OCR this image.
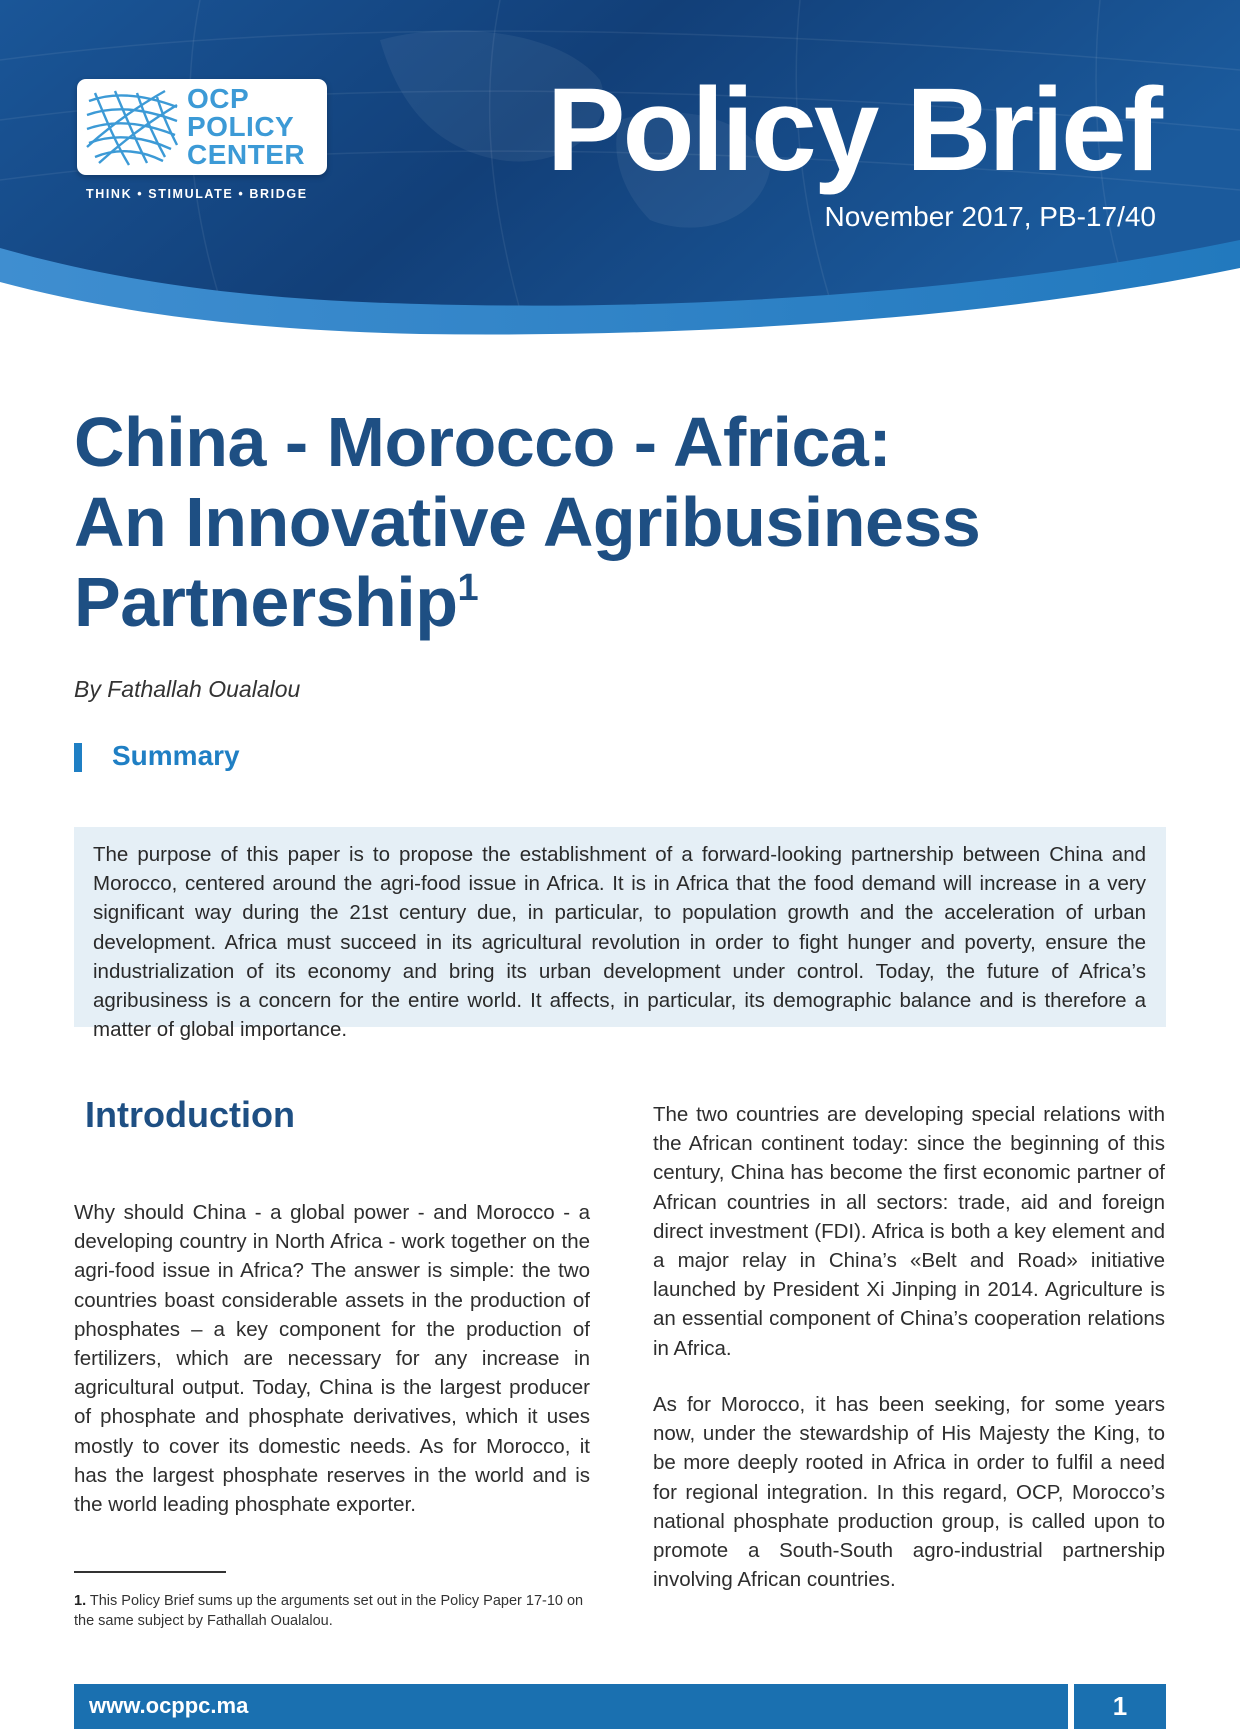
OCP
POLICY
CENTER
THINK • STIMULATE • BRIDGE Policy Brief
November 2017, PB-17/40
China - Morocco - Africa:
An Innovative Agribusiness
Partnership$^1$
By Fathallah Oualalou
Summary
The purpose of this paper is to propose the establishment of a forward-looking partnership between China and Morocco, centered around the agri-food issue in Africa. It is in Africa that the food demand will increase in a very significant way during the 21st century due, in particular, to population growth and the acceleration of urban development. Africa must succeed in its agricultural revolution in order to fight hunger and poverty, ensure the industrialization of its economy and bring its urban development under control. Today, the future of Africa’s agribusiness is a concern for the entire world. It affects, in particular, its demographic balance and is therefore a matter of global importance.
Introduction

Why should China - a global power - and Morocco - a developing country in North Africa - work together on the agri-food issue in Africa? The answer is simple: the two countries boast considerable assets in the production of phosphates – a key component for the production of fertilizers, which are necessary for any increase in agricultural output. Today, China is the largest producer of phosphate and phosphate derivatives, which it uses mostly to cover its domestic needs. As for Morocco, it has the largest phosphate reserves in the world and is the world leading phosphate exporter.

The two countries are developing special relations with the African continent today: since the beginning of this century, China has become the first economic partner of African countries in all sectors: trade, aid and foreign direct investment (FDI). Africa is both a key element and a major relay in China’s «Belt and Road» initiative launched by President Xi Jinping in 2014. Agriculture is an essential component of China’s cooperation relations in Africa.

As for Morocco, it has been seeking, for some years now, under the stewardship of His Majesty the King, to be more deeply rooted in Africa in order to fulfil a need for regional integration. In this regard, OCP, Morocco’s national phosphate production group, is called upon to promote a South-South agro-industrial partnership involving African countries.

1. This Policy Brief sums up the arguments set out in the Policy Paper 17-10 on the same subject by Fathallah Oualalou.
www.ocppc.ma	1
